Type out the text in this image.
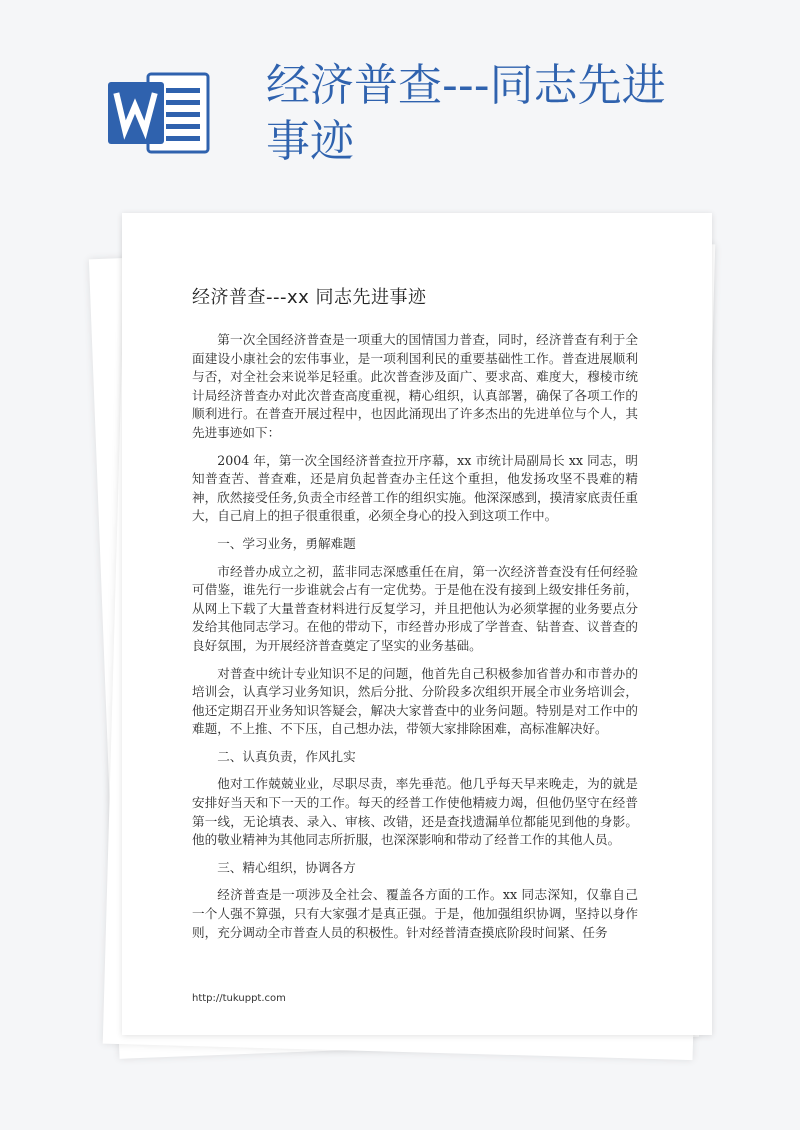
经济普查---同志先进事迹
经济普查---xx 同志先进事迹

第一次全国经济普查是一项重大的国情国力普查，同时，经济普查有利于全面建设小康社会的宏伟事业，是一项利国利民的重要基础性工作。普查进展顺利与否，对全社会来说举足轻重。此次普查涉及面广、要求高、难度大，穆棱市统计局经济普查办对此次普查高度重视，精心组织，认真部署，确保了各项工作的顺利进行。在普查开展过程中，也因此涌现出了许多杰出的先进单位与个人，其先进事迹如下：

2004 年，第一次全国经济普查拉开序幕，xx 市统计局副局长 xx 同志，明知普查苦、普查难，还是肩负起普查办主任这个重担，他发扬攻坚不畏难的精神，欣然接受任务,负责全市经普工作的组织实施。他深深感到，摸清家底责任重大，自己肩上的担子很重很重，必须全身心的投入到这项工作中。

一、学习业务，勇解难题

市经普办成立之初，蓝非同志深感重任在肩，第一次经济普查没有任何经验可借鉴，谁先行一步谁就会占有一定优势。于是他在没有接到上级安排任务前，从网上下载了大量普查材料进行反复学习，并且把他认为必须掌握的业务要点分发给其他同志学习。在他的带动下，市经普办形成了学普查、钻普查、议普查的良好氛围，为开展经济普查奠定了坚实的业务基础。

对普查中统计专业知识不足的问题，他首先自己积极参加省普办和市普办的培训会，认真学习业务知识，然后分批、分阶段多次组织开展全市业务培训会，他还定期召开业务知识答疑会，解决大家普查中的业务问题。特别是对工作中的难题，不上推、不下压，自己想办法，带领大家排除困难，高标准解决好。

二、认真负责，作风扎实

他对工作兢兢业业，尽职尽责，率先垂范。他几乎每天早来晚走，为的就是安排好当天和下一天的工作。每天的经普工作使他精疲力竭，但他仍坚守在经普第一线，无论填表、录入、审核、改错，还是查找遗漏单位都能见到他的身影。他的敬业精神为其他同志所折服，也深深影响和带动了经普工作的其他人员。

三、精心组织，协调各方

经济普查是一项涉及全社会、覆盖各方面的工作。xx 同志深知，仅靠自己一个人强不算强，只有大家强才是真正强。于是，他加强组织协调，坚持以身作则，充分调动全市普查人员的积极性。针对经普清查摸底阶段时间紧、任务

http://tukuppt.com
